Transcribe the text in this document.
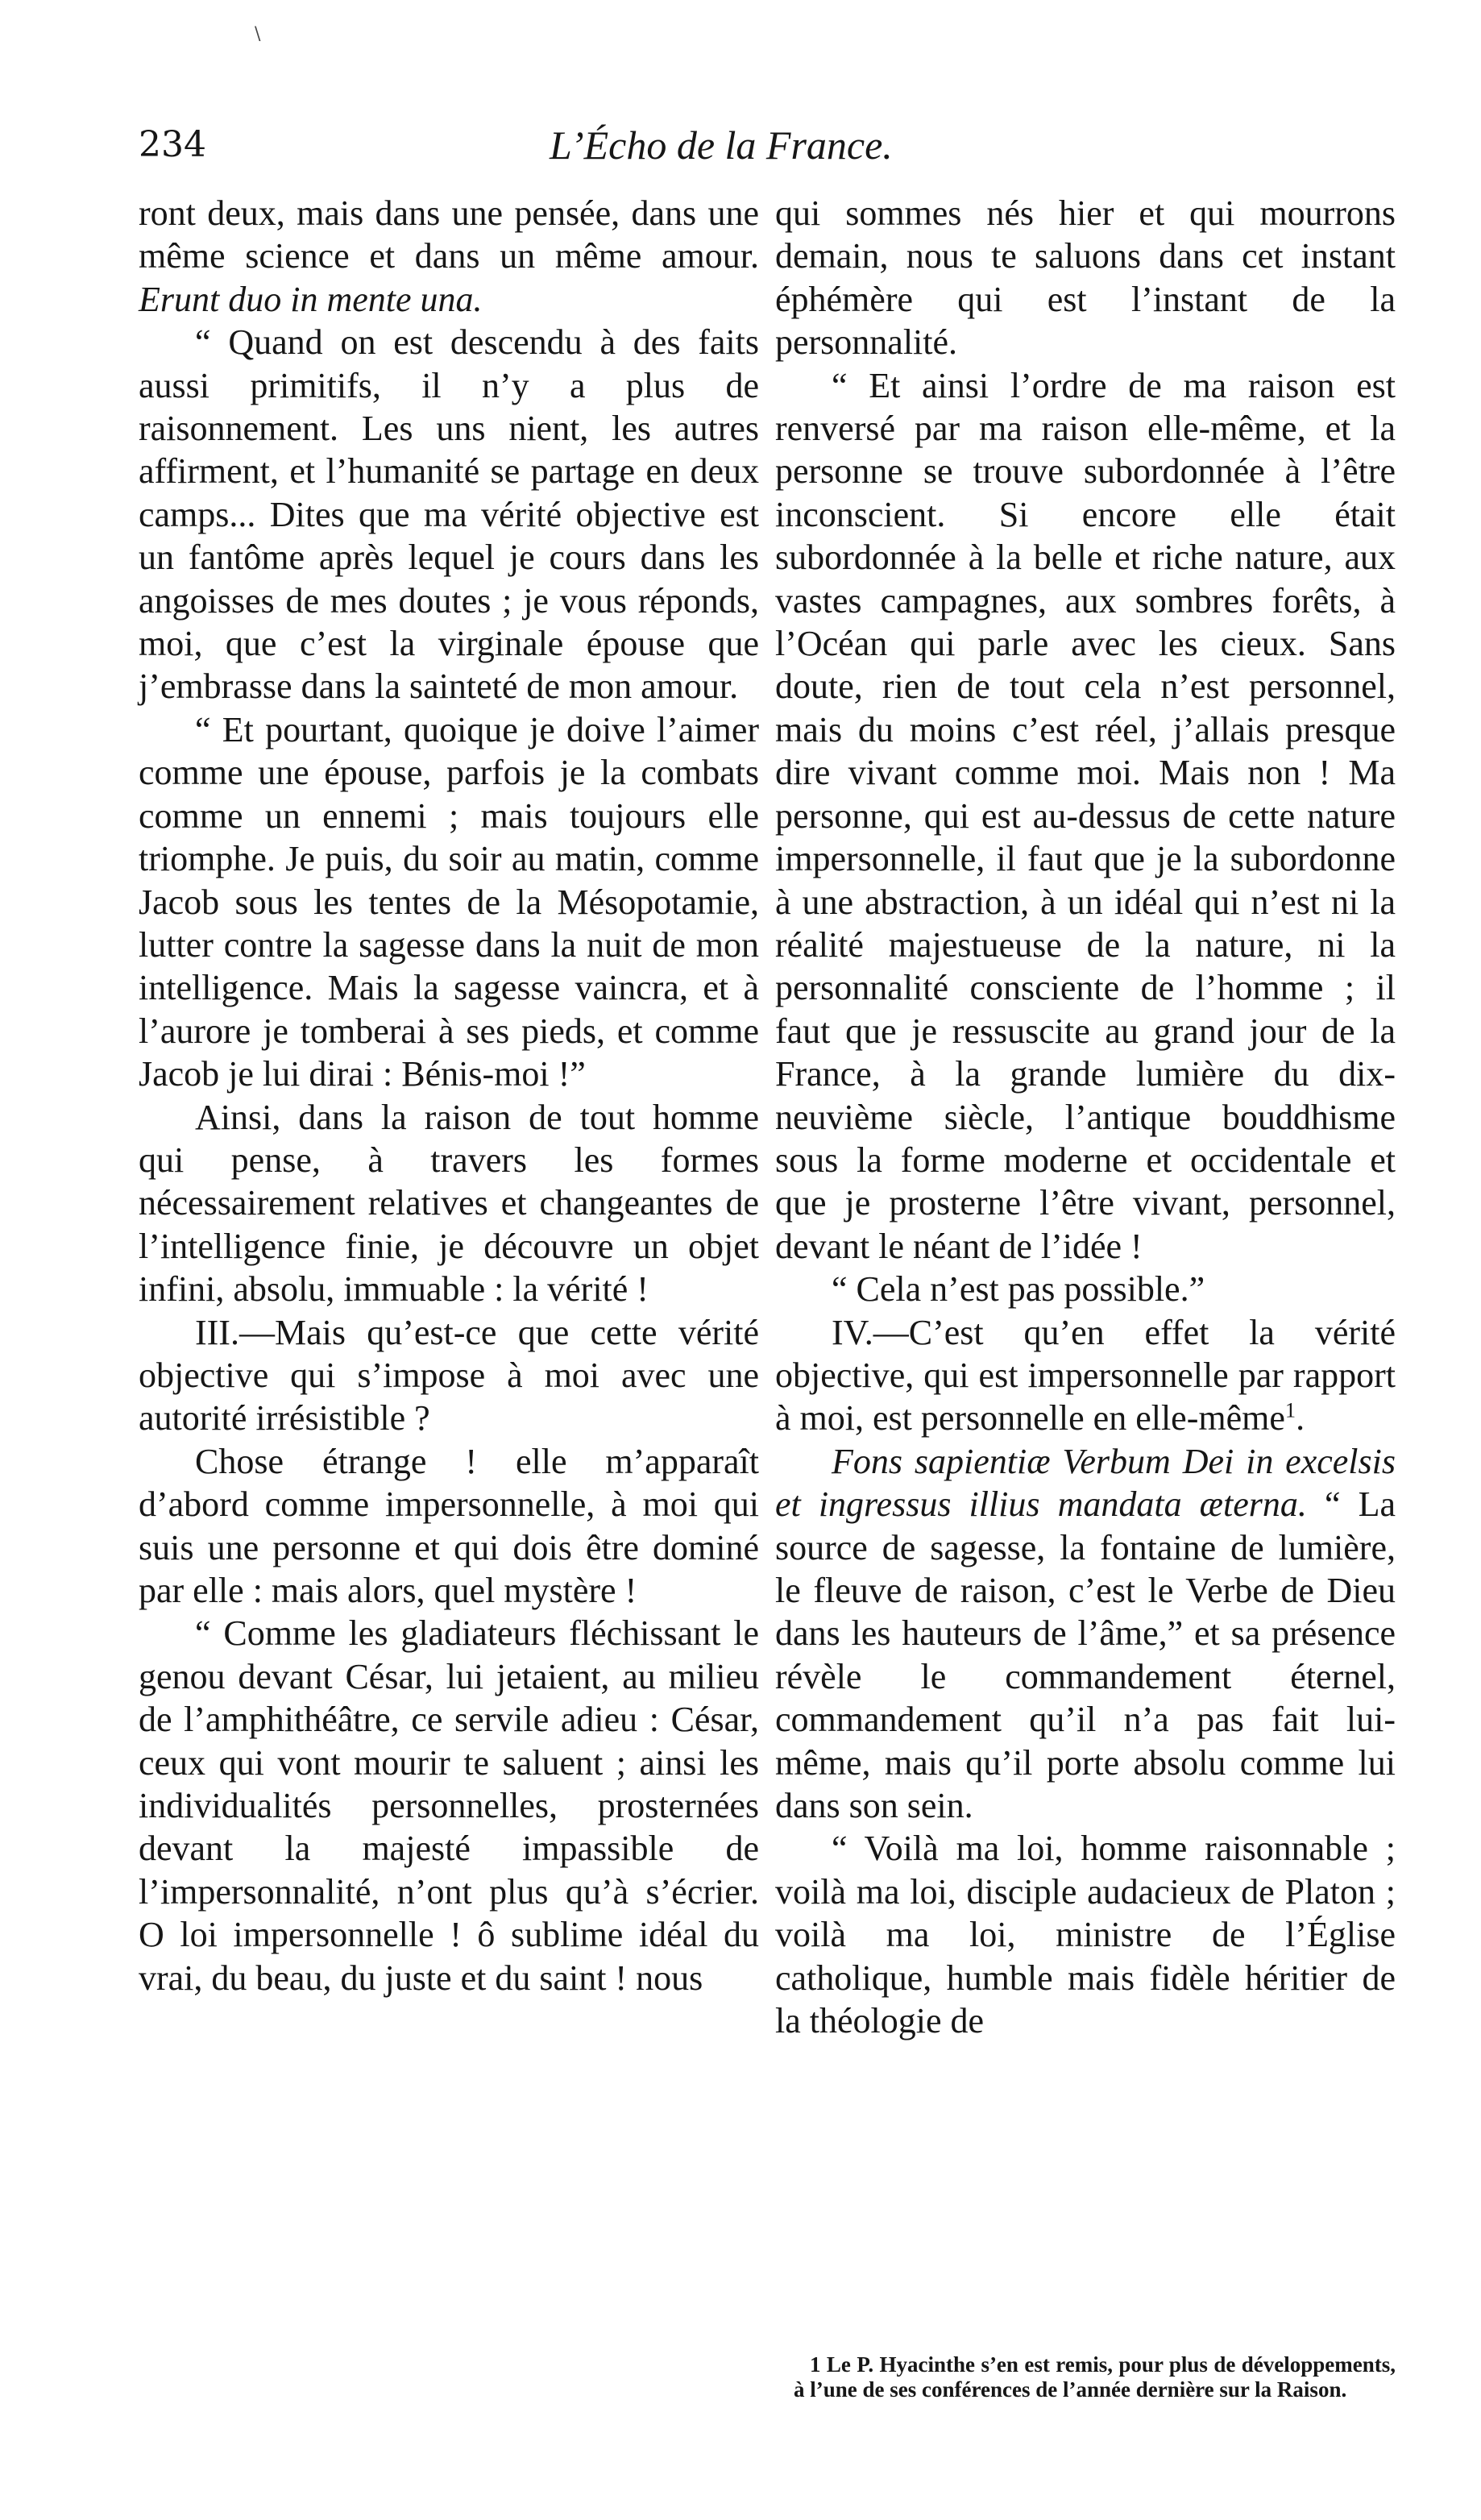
\
234	L’Écho de la France.

ront deux, mais dans une pensée, dans une même science et dans un même amour. Erunt duo in mente una.

“ Quand on est descendu à des faits aussi primitifs, il n’y a plus de raisonnement. Les uns nient, les autres affirment, et l’humanité se partage en deux camps... Dites que ma vérité objective est un fantôme après lequel je cours dans les angoisses de mes doutes ; je vous réponds, moi, que c’est la virginale épouse que j’embrasse dans la sainteté de mon amour.

“ Et pourtant, quoique je doive l’aimer comme une épouse, parfois je la combats comme un ennemi ; mais toujours elle triomphe. Je puis, du soir au matin, comme Jacob sous les tentes de la Mésopotamie, lutter contre la sagesse dans la nuit de mon intelligence. Mais la sagesse vaincra, et à l’aurore je tomberai à ses pieds, et comme Jacob je lui dirai : Bénis-moi !”

Ainsi, dans la raison de tout homme qui pense, à travers les formes nécessairement relatives et changeantes de l’intelligence finie, je découvre un objet infini, absolu, immuable : la vérité !

III.—Mais qu’est-ce que cette vérité objective qui s’impose à moi avec une autorité irrésistible ?

Chose étrange ! elle m’apparaît d’abord comme impersonnelle, à moi qui suis une personne et qui dois être dominé par elle : mais alors, quel mystère !

“ Comme les gladiateurs fléchissant le genou devant César, lui jetaient, au milieu de l’amphithéâtre, ce servile adieu : César, ceux qui vont mourir te saluent ; ainsi les individualités personnelles, prosternées devant la majesté impassible de l’impersonnalité, n’ont plus qu’à s’écrier. O loi impersonnelle ! ô sublime idéal du vrai, du beau, du juste et du saint ! nous

qui sommes nés hier et qui mourrons demain, nous te saluons dans cet instant éphémère qui est l’instant de la personnalité.

“ Et ainsi l’ordre de ma raison est renversé par ma raison elle-même, et la personne se trouve subordonnée à l’être inconscient. Si encore elle était subordonnée à la belle et riche nature, aux vastes campagnes, aux sombres forêts, à l’Océan qui parle avec les cieux. Sans doute, rien de tout cela n’est personnel, mais du moins c’est réel, j’allais presque dire vivant comme moi. Mais non ! Ma personne, qui est au-dessus de cette nature impersonnelle, il faut que je la subordonne à une abstraction, à un idéal qui n’est ni la réalité majestueuse de la nature, ni la personnalité consciente de l’homme ; il faut que je ressuscite au grand jour de la France, à la grande lumière du dix-neuvième siècle, l’antique bouddhisme sous la forme moderne et occidentale et que je prosterne l’être vivant, personnel, devant le néant de l’idée !

“ Cela n’est pas possible.”

IV.—C’est qu’en effet la vérité objective, qui est impersonnelle par rapport à moi, est personnelle en elle-même$^1$.

Fons sapientiæ Verbum Dei in excelsis et ingressus illius mandata æterna. “ La source de sagesse, la fontaine de lumière, le fleuve de raison, c’est le Verbe de Dieu dans les hauteurs de l’âme,” et sa présence révèle le commandement éternel, commandement qu’il n’a pas fait lui-même, mais qu’il porte absolu comme lui dans son sein.

“ Voilà ma loi, homme raisonnable ; voilà ma loi, disciple audacieux de Platon ; voilà ma loi, ministre de l’Église catholique, humble mais fidèle héritier de la théologie de

1 Le P. Hyacinthe s’en est remis, pour plus de développements, à l’une de ses conférences de l’année dernière sur la Raison.
